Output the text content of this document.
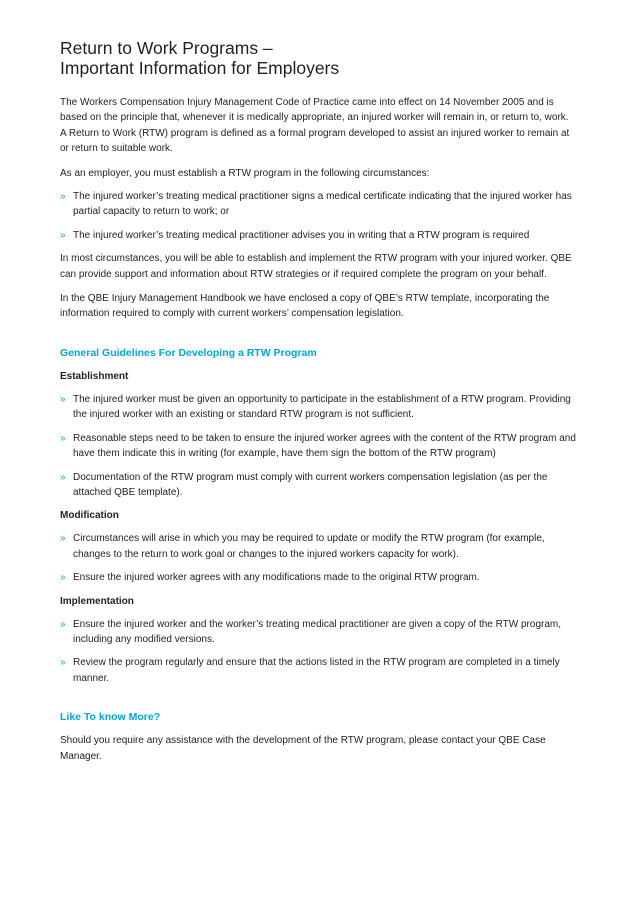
Return to Work Programs –
Important Information for Employers

The Workers Compensation Injury Management Code of Practice came into effect on 14 November 2005 and is based on the principle that, whenever it is medically appropriate, an injured worker will remain in, or return to, work. A Return to Work (RTW) program is defined as a formal program developed to assist an injured worker to remain at or return to suitable work.

As an employer, you must establish a RTW program in the following circumstances:

» The injured worker’s treating medical practitioner signs a medical certificate indicating that the injured worker has partial capacity to return to work; or
» The injured worker’s treating medical practitioner advises you in writing that a RTW program is required

In most circumstances, you will be able to establish and implement the RTW program with your injured worker. QBE can provide support and information about RTW strategies or if required complete the program on your behalf.

In the QBE Injury Management Handbook we have enclosed a copy of QBE’s RTW template, incorporating the information required to comply with current workers’ compensation legislation.

General Guidelines For Developing a RTW Program
Establishment
» The injured worker must be given an opportunity to participate in the establishment of a RTW program. Providing the injured worker with an existing or standard RTW program is not sufficient.
» Reasonable steps need to be taken to ensure the injured worker agrees with the content of the RTW program and have them indicate this in writing (for example, have them sign the bottom of the RTW program)
» Documentation of the RTW program must comply with current workers compensation legislation (as per the attached QBE template).
Modification
» Circumstances will arise in which you may be required to update or modify the RTW program (for example, changes to the return to work goal or changes to the injured workers capacity for work).
» Ensure the injured worker agrees with any modifications made to the original RTW program.
Implementation
» Ensure the injured worker and the worker’s treating medical practitioner are given a copy of the RTW program, including any modified versions.
» Review the program regularly and ensure that the actions listed in the RTW program are completed in a timely manner.
Like To know More?

Should you require any assistance with the development of the RTW program, please contact your QBE Case Manager.
